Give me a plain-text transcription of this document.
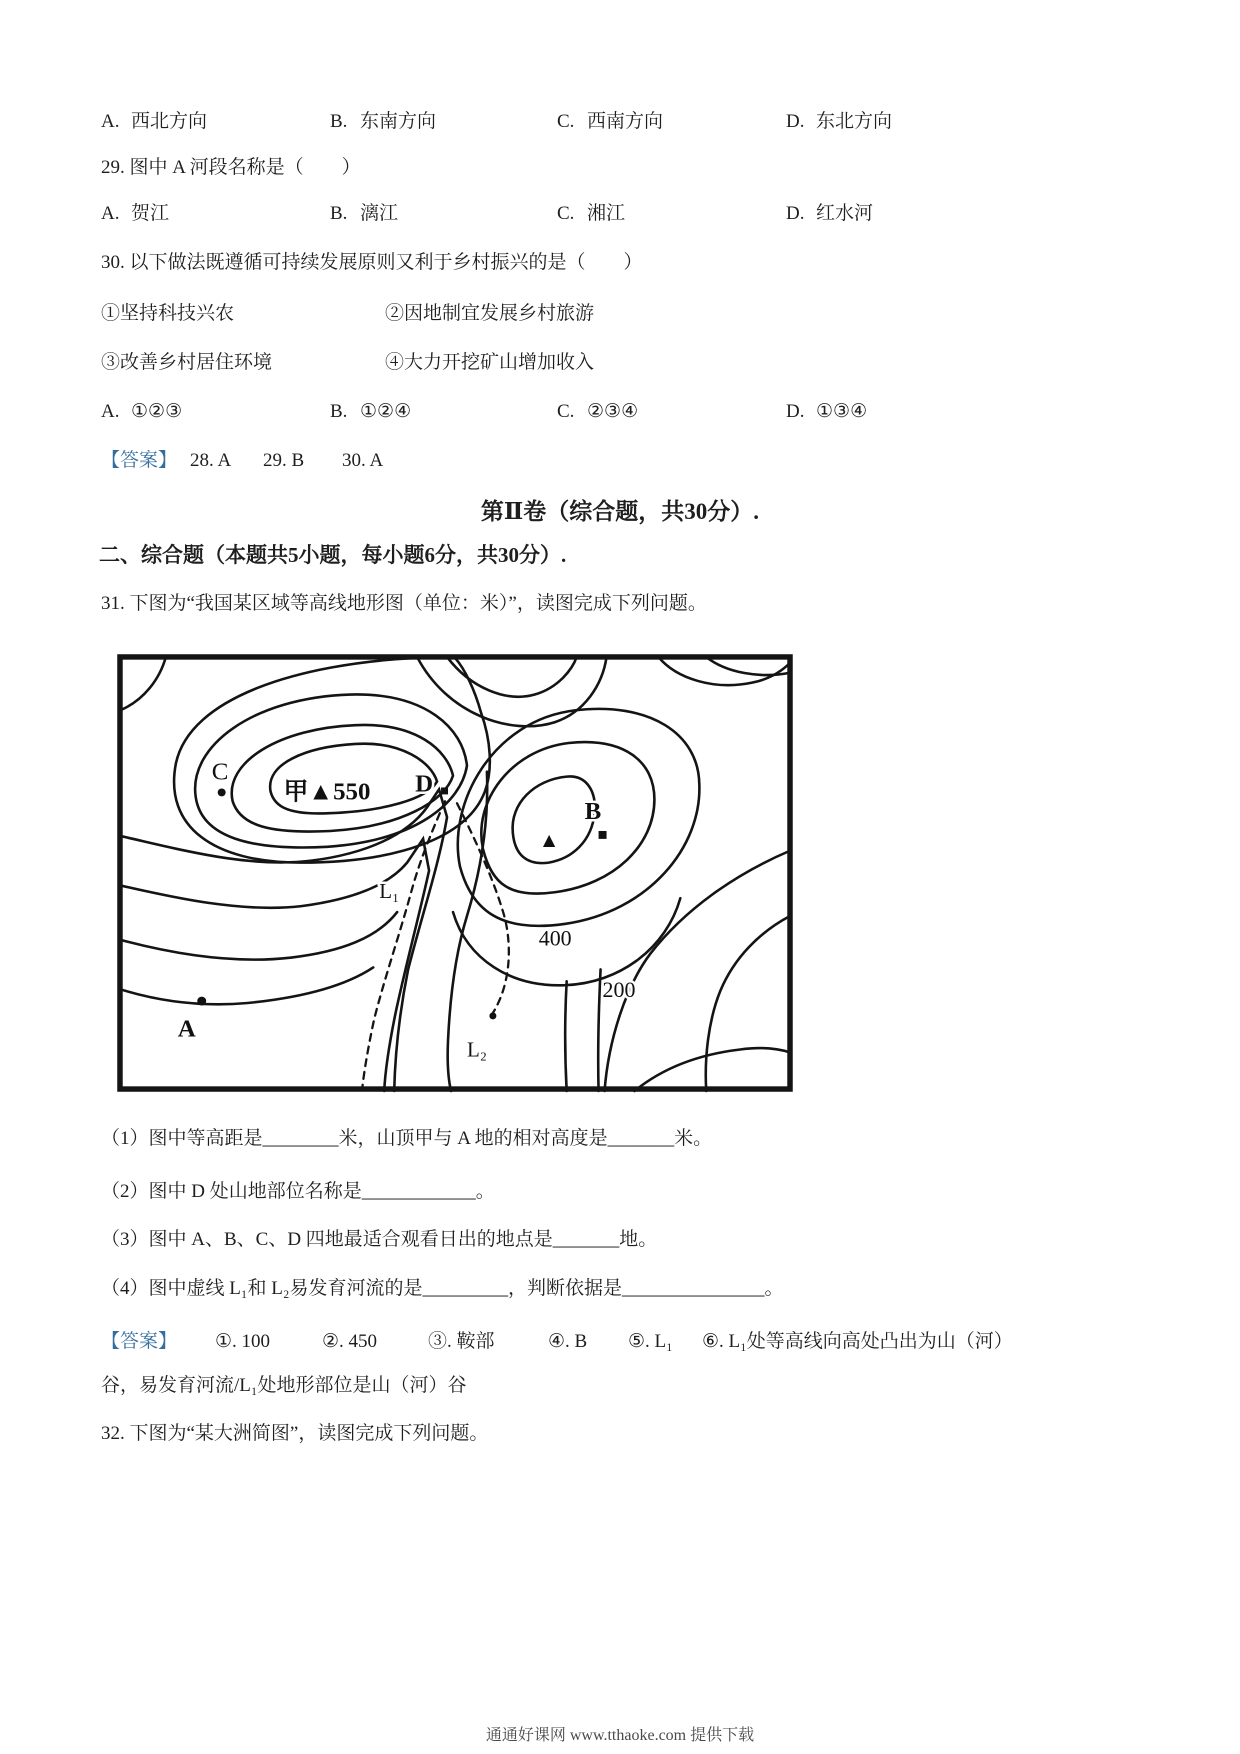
A. 西北方向	B. 东南方向	C. 西南方向	D. 东北方向
29. 图中 A 河段名称是（　　）
A. 贺江	B. 漓江	C. 湘江	D. 红水河
30. 以下做法既遵循可持续发展原则又利于乡村振兴的是（　　）
①坚持科技兴农	②因地制宜发展乡村旅游
③改善乡村居住环境	④大力开挖矿山增加收入
A. ①②③	B. ①②④	C. ②③④	D. ①③④
【答案】 28. A 29. B 30. A
第Ⅱ卷（综合题，共30分）.
二、综合题（本题共5小题，每小题6分，共30分）.
31. 下图为“我国某区域等高线地形图（单位：米）”，读图完成下列问题。
C
甲▲550 D
▲
B
L₁
400
200
A
L₂
（1）图中等高距是________米，山顶甲与 A 地的相对高度是_______米。
（2）图中 D 处山地部位名称是____________。
（3）图中 A、B、C、D 四地最适合观看日出的地点是_______地。
（4）图中虚线 L₁和 L₂易发育河流的是_________，判断依据是_______________。
【答案】 ①. 100	②. 450	③. 鞍部	④. B ⑤. L₁ ⑥. L₁处等高线向高处凸出为山（河）
谷，易发育河流/L₁处地形部位是山（河）谷
32. 下图为“某大洲简图”，读图完成下列问题。
通通好课网 www.tthaoke.com 提供下载
